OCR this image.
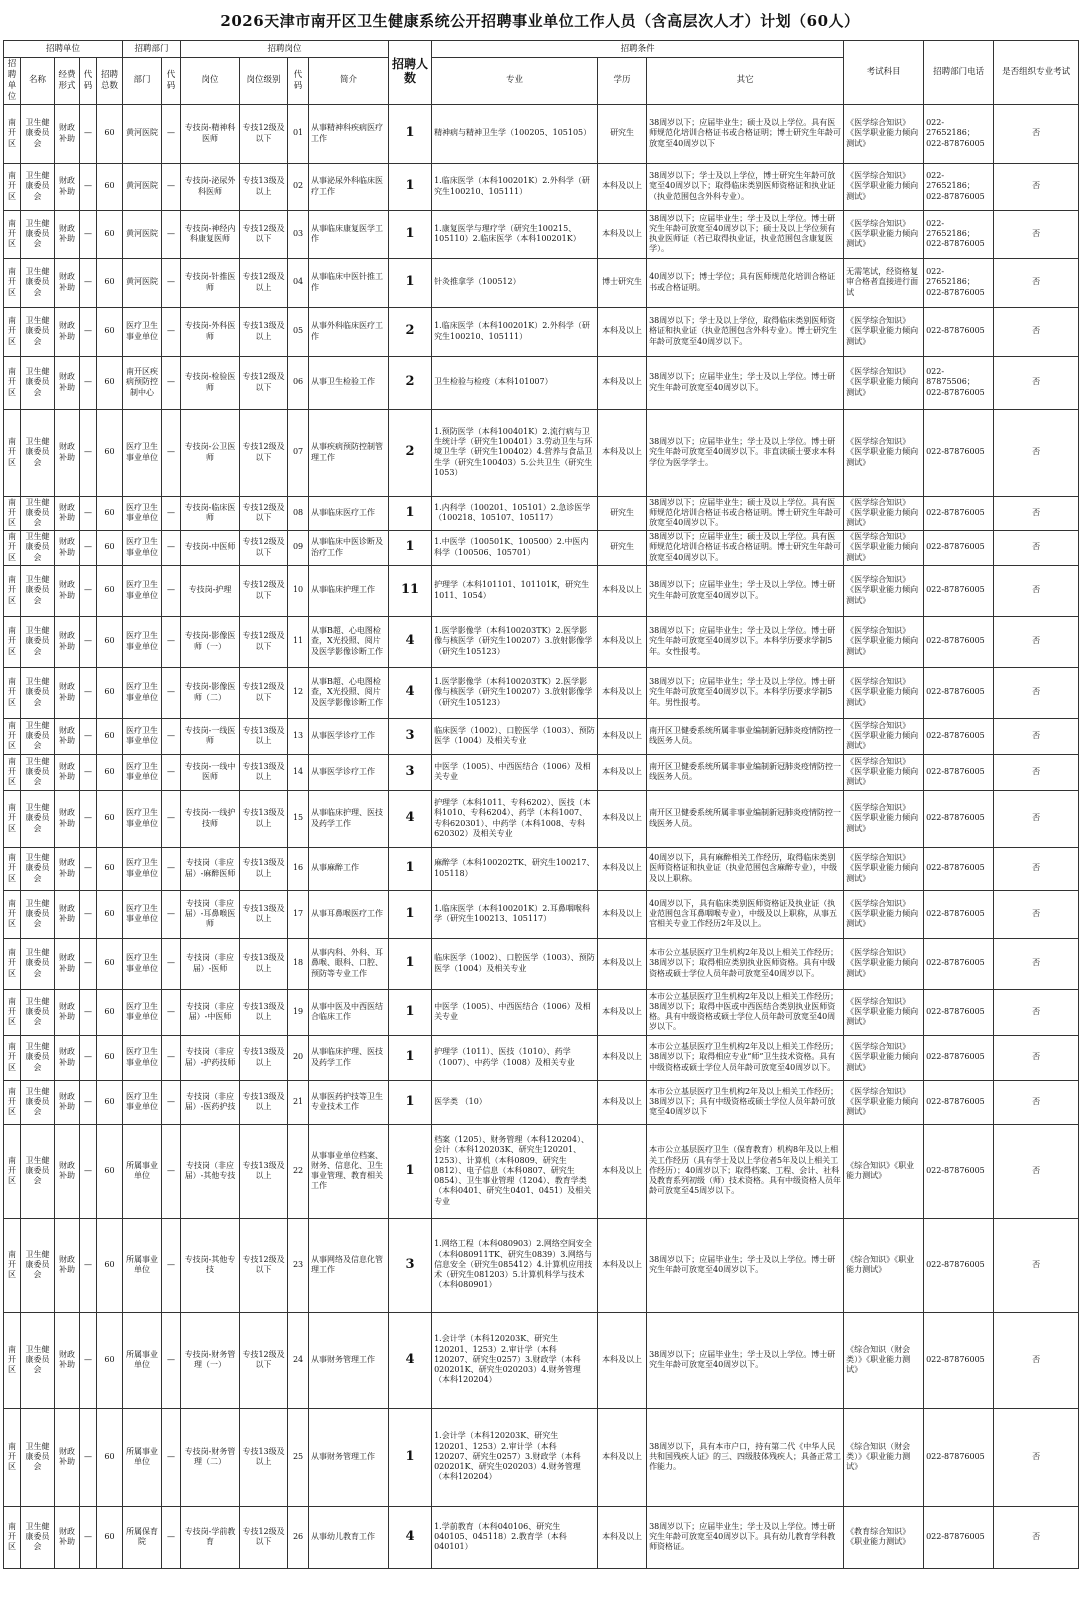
2026天津市南开区卫生健康系统公开招聘事业单位工作人员（含高层次人才）计划（60人）
招聘单位					招聘部门		招聘岗位				招聘人数	招聘条件			考试科目	招聘部门电话	是否组织专业考试
招聘单位	名称	经费形式	代码	招聘总数	部门	代码	岗位	岗位级别	代码	简介		专业	学历	其它			
南开区	卫生健康委员会	财政补助	—	60	黄河医院	—	专技岗-精神科医师	专技12级及以下	01	从事精神科疾病医疗工作	1	精神病与精神卫生学（100205、105105）	研究生	38周岁以下；应届毕业生；硕士及以上学位。具有医师规范化培训合格证书或合格证明；博士研究生年龄可放宽至40周岁以下	《医学综合知识》《医学职业能力倾向测试》	022-27652186；022-87876005	否
南开区	卫生健康委员会	财政补助	—	60	黄河医院	—	专技岗-泌尿外科医师	专技13级及以上	02	从事泌尿外科临床医疗工作	1	1.临床医学（本科100201K）2.外科学（研究生100210、105111）	本科及以上	38周岁以下；学士及以上学位，博士研究生年龄可放宽至40周岁以下；取得临床类别医师资格证和执业证（执业范围包含外科专业）。	《医学综合知识》《医学职业能力倾向测试》	022-27652186；022-87876005	否
南开区	卫生健康委员会	财政补助	—	60	黄河医院	—	专技岗-神经内科康复医师	专技12级及以下	03	从事临床康复医学工作	1	1.康复医学与理疗学（研究生100215、105110）2.临床医学（本科100201K）	本科及以上	38周岁以下；应届毕业生；学士及以上学位。博士研究生年龄可放宽至40周岁以下；硕士及以上学位须有执业医师证（若已取得执业证，执业范围包含康复医学）。	《医学综合知识》《医学职业能力倾向测试》	022-27652186；022-87876005	否
南开区	卫生健康委员会	财政补助	—	60	黄河医院	—	专技岗-针推医师	专技12级及以上	04	从事临床中医针推工作	1	针灸推拿学（100512）	博士研究生	40周岁以下；博士学位；具有医师规范化培训合格证书或合格证明。	无需笔试，经资格复审合格者直接进行面试	022-27652186；022-87876005	否
南开区	卫生健康委员会	财政补助	—	60	医疗卫生事业单位	—	专技岗-外科医师	专技13级及以上	05	从事外科临床医疗工作	2	1.临床医学（本科100201K）2.外科学（研究生100210、105111）	本科及以上	38周岁以下；学士及以上学位，取得临床类别医师资格证和执业证（执业范围包含外科专业）。博士研究生年龄可放宽至40周岁以下。	《医学综合知识》《医学职业能力倾向测试》	022-87876005	否
南开区	卫生健康委员会	财政补助	—	60	南开区疾病预防控制中心	—	专技岗-检验医师	专技12级及以下	06	从事卫生检验工作	2	卫生检验与检疫（本科101007）	本科及以上	38周岁以下；应届毕业生；学士及以上学位。博士研究生年龄可放宽至40周岁以下。	《医学综合知识》《医学职业能力倾向测试》	022-87875506；022-87876005	否
南开区	卫生健康委员会	财政补助	—	60	医疗卫生事业单位	—	专技岗-公卫医师	专技12级及以下	07	从事疾病预防控制管理工作	2	1.预防医学（本科100401K）2.流行病与卫生统计学（研究生100401）3.劳动卫生与环境卫生学（研究生100402）4.营养与食品卫生学（研究生100403）5.公共卫生（研究生1053）	本科及以上	38周岁以下；应届毕业生；学士及以上学位。博士研究生年龄可放宽至40周岁以下。非直读硕士要求本科学位为医学学士。	《医学综合知识》《医学职业能力倾向测试》	022-87876005	否
南开区	卫生健康委员会	财政补助	—	60	医疗卫生事业单位	—	专技岗-临床医师	专技12级及以下	08	从事临床医疗工作	1	1.内科学（100201、105101）2.急诊医学（100218、105107、105117）	研究生	38周岁以下；应届毕业生；硕士及以上学位。具有医师规范化培训合格证书或合格证明。博士研究生年龄可放宽至40周岁以下。	《医学综合知识》《医学职业能力倾向测试》	022-87876005	否
南开区	卫生健康委员会	财政补助	—	60	医疗卫生事业单位	—	专技岗-中医师	专技12级及以下	09	从事临床中医诊断及治疗工作	1	1.中医学（100501K、100500）2.中医内科学（100506、105701）	研究生	38周岁以下；应届毕业生；硕士及以上学位。具有医师规范化培训合格证书或合格证明。博士研究生年龄可放宽至40周岁以下。	《医学综合知识》《医学职业能力倾向测试》	022-87876005	否
南开区	卫生健康委员会	财政补助	—	60	医疗卫生事业单位	—	专技岗-护理	专技12级及以下	10	从事临床护理工作	11	护理学（本科101101、101101K，研究生1011、1054）	本科及以上	38周岁以下；应届毕业生；学士及以上学位。博士研究生年龄可放宽至40周岁以下。	《医学综合知识》《医学职业能力倾向测试》	022-87876005	否
南开区	卫生健康委员会	财政补助	—	60	医疗卫生事业单位	—	专技岗-影像医师（一）	专技12级及以下	11	从事B超、心电图检查，X光投照、阅片及医学影像诊断工作	4	1.医学影像学（本科100203TK）2.医学影像与核医学（研究生100207）3.放射影像学（研究生105123）	本科及以上	38周岁以下；应届毕业生；学士及以上学位。博士研究生年龄可放宽至40周岁以下。本科学历要求学制5年。女性报考。	《医学综合知识》《医学职业能力倾向测试》	022-87876005	否
南开区	卫生健康委员会	财政补助	—	60	医疗卫生事业单位	—	专技岗-影像医师（二）	专技12级及以下	12	从事B超、心电图检查，X光投照、阅片及医学影像诊断工作	4	1.医学影像学（本科100203TK）2.医学影像与核医学（研究生100207）3.放射影像学（研究生105123）	本科及以上	38周岁以下；应届毕业生；学士及以上学位。博士研究生年龄可放宽至40周岁以下。本科学历要求学制5年。男性报考。	《医学综合知识》《医学职业能力倾向测试》	022-87876005	否
南开区	卫生健康委员会	财政补助	—	60	医疗卫生事业单位	—	专技岗-一线医师	专技13级及以上	13	从事医学诊疗工作	3	临床医学（1002）、口腔医学（1003）、预防医学（1004）及相关专业	本科及以上	南开区卫健委系统所属非事业编制新冠肺炎疫情防控一线医务人员。	《医学综合知识》《医学职业能力倾向测试》	022-87876005	否
南开区	卫生健康委员会	财政补助	—	60	医疗卫生事业单位	—	专技岗-一线中医师	专技13级及以上	14	从事医学诊疗工作	3	中医学（1005）、中西医结合（1006）及相关专业	本科及以上	南开区卫健委系统所属非事业编制新冠肺炎疫情防控一线医务人员。	《医学综合知识》《医学职业能力倾向测试》	022-87876005	否
南开区	卫生健康委员会	财政补助	—	60	医疗卫生事业单位	—	专技岗-一线护技师	专技13级及以上	15	从事临床护理、医技及药学工作	4	护理学（本科1011、专科6202）、医技（本科1010、专科6204）、药学（本科1007、专科620301）、中药学（本科1008、专科620302）及相关专业	本科及以上	南开区卫健委系统所属非事业编制新冠肺炎疫情防控一线医务人员。	《医学综合知识》《医学职业能力倾向测试》	022-87876005	否
南开区	卫生健康委员会	财政补助	—	60	医疗卫生事业单位	—	专技岗（非应届）-麻醉医师	专技13级及以上	16	从事麻醉工作	1	麻醉学（本科100202TK、研究生100217、105118）	本科及以上	40周岁以下，具有麻醉相关工作经历，取得临床类别医师资格证和执业证（执业范围包含麻醉专业），中级及以上职称。	《医学综合知识》《医学职业能力倾向测试》	022-87876005	否
南开区	卫生健康委员会	财政补助	—	60	医疗卫生事业单位	—	专技岗（非应届）-耳鼻喉医师	专技13级及以上	17	从事耳鼻喉医疗工作	1	1.临床医学（本科100201K）2.耳鼻咽喉科学（研究生100213、105117）	本科及以上	40周岁以下，具有临床类别医师资格证及执业证（执业范围包含耳鼻咽喉专业），中级及以上职称，从事五官相关专业工作经历2年及以上。	《医学综合知识》《医学职业能力倾向测试》	022-87876005	否
南开区	卫生健康委员会	财政补助	—	60	医疗卫生事业单位	—	专技岗（非应届）-医师	专技13级及以上	18	从事内科、外科、耳鼻喉、眼科、口腔、预防等专业工作	1	临床医学（1002）、口腔医学（1003）、预防医学（1004）及相关专业	本科及以上	本市公立基层医疗卫生机构2年及以上相关工作经历；38周岁以下；取得相应类别执业医师资格。具有中级资格或硕士学位人员年龄可放宽至40周岁以下。	《医学综合知识》《医学职业能力倾向测试》	022-87876005	否
南开区	卫生健康委员会	财政补助	—	60	医疗卫生事业单位	—	专技岗（非应届）-中医师	专技13级及以上	19	从事中医及中西医结合临床工作	1	中医学（1005）、中西医结合（1006）及相关专业	本科及以上	本市公立基层医疗卫生机构2年及以上相关工作经历；38周岁以下；取得中医或中西医结合类别执业医师资格。具有中级资格或硕士学位人员年龄可放宽至40周岁以下。	《医学综合知识》《医学职业能力倾向测试》	022-87876005	否
南开区	卫生健康委员会	财政补助	—	60	医疗卫生事业单位	—	专技岗（非应届）-护药技师	专技13级及以上	20	从事临床护理、医技及药学工作	1	护理学（1011）、医技（1010）、药学（1007）、中药学（1008）及相关专业	本科及以上	本市公立基层医疗卫生机构2年及以上相关工作经历；38周岁以下；取得相应专业“师”卫生技术资格。具有中级资格或硕士学位人员年龄可放宽至40周岁以下。	《医学综合知识》《医学职业能力倾向测试》	022-87876005	否
南开区	卫生健康委员会	财政补助	—	60	医疗卫生事业单位	—	专技岗（非应届）-医药护技	专技13级及以上	21	从事医药护技等卫生专业技术工作	1	医学类 （10）	本科及以上	本市公立基层医疗卫生机构2年及以上相关工作经历；38周岁以下；具有中级资格或硕士学位人员年龄可放宽至40周岁以下	《医学综合知识》《医学职业能力倾向测试》	022-87876005	否
南开区	卫生健康委员会	财政补助	—	60	所属事业单位	—	专技岗（非应届）-其他专技	专技13级及以上	22	从事事业单位档案、财务、信息化、卫生事业管理、教育相关工作	1	档案（1205）、财务管理（本科120204）、会计（本科120203K、研究生120201、1253）、计算机（本科0809、研究生0812）、电子信息（本科0807、研究生0854）、卫生事业管理（1204）、教育学类（本科0401、研究生0401、0451）及相关专业	本科及以上	本市公立基层医疗卫生（保育教育）机构8年及以上相关工作经历（具有学士及以上学位者5年及以上相关工作经历）；40周岁以下；取得档案、工程、会计、社科及教育系列初级（师）技术资格。具有中级资格人员年龄可放宽至45周岁以下。	《综合知识》《职业能力测试》	022-87876005	否
南开区	卫生健康委员会	财政补助	—	60	所属事业单位	—	专技岗-其他专技	专技12级及以下	23	从事网络及信息化管理工作	3	1.网络工程（本科080903）2.网络空间安全（本科080911TK、研究生0839）3.网络与信息安全（研究生085412）4.计算机应用技术（研究生081203）5.计算机科学与技术（本科080901）	本科及以上	38周岁以下；应届毕业生；学士及以上学位。博士研究生年龄可放宽至40周岁以下。	《综合知识》《职业能力测试》	022-87876005	否
南开区	卫生健康委员会	财政补助	—	60	所属事业单位	—	专技岗-财务管理（一）	专技12级及以下	24	从事财务管理工作	4	1.会计学（本科120203K、研究生120201、1253）2.审计学（本科120207、研究生0257）3.财政学（本科020201K、研究生020203）4.财务管理（本科120204）	本科及以上	38周岁以下；应届毕业生；学士及以上学位。博士研究生年龄可放宽至40周岁以下。	《综合知识（财会类）》《职业能力测试》	022-87876005	否
南开区	卫生健康委员会	财政补助	—	60	所属事业单位	—	专技岗-财务管理（二）	专技13级及以上	25	从事财务管理工作	1	1.会计学（本科120203K、研究生120201、1253）2.审计学（本科120207、研究生0257）3.财政学（本科020201K、研究生020203）4.财务管理（本科120204）	本科及以上	38周岁以下，具有本市户口，持有第二代《中华人民共和国残疾人证》的三、四级肢体残疾人；具备正常工作能力。	《综合知识（财会类）》《职业能力测试》	022-87876005	否
南开区	卫生健康委员会	财政补助	—	60	所属保育院	—	专技岗-学前教育	专技12级及以下	26	从事幼儿教育工作	4	1.学前教育（本科040106、研究生040105、045118）2.教育学（本科040101）	本科及以上	38周岁以下；应届毕业生；学士及以上学位。博士研究生年龄可放宽至40周岁以下。具有幼儿教育学科教师资格证。	《教育综合知识》《职业能力测试》	022-87876005	否
